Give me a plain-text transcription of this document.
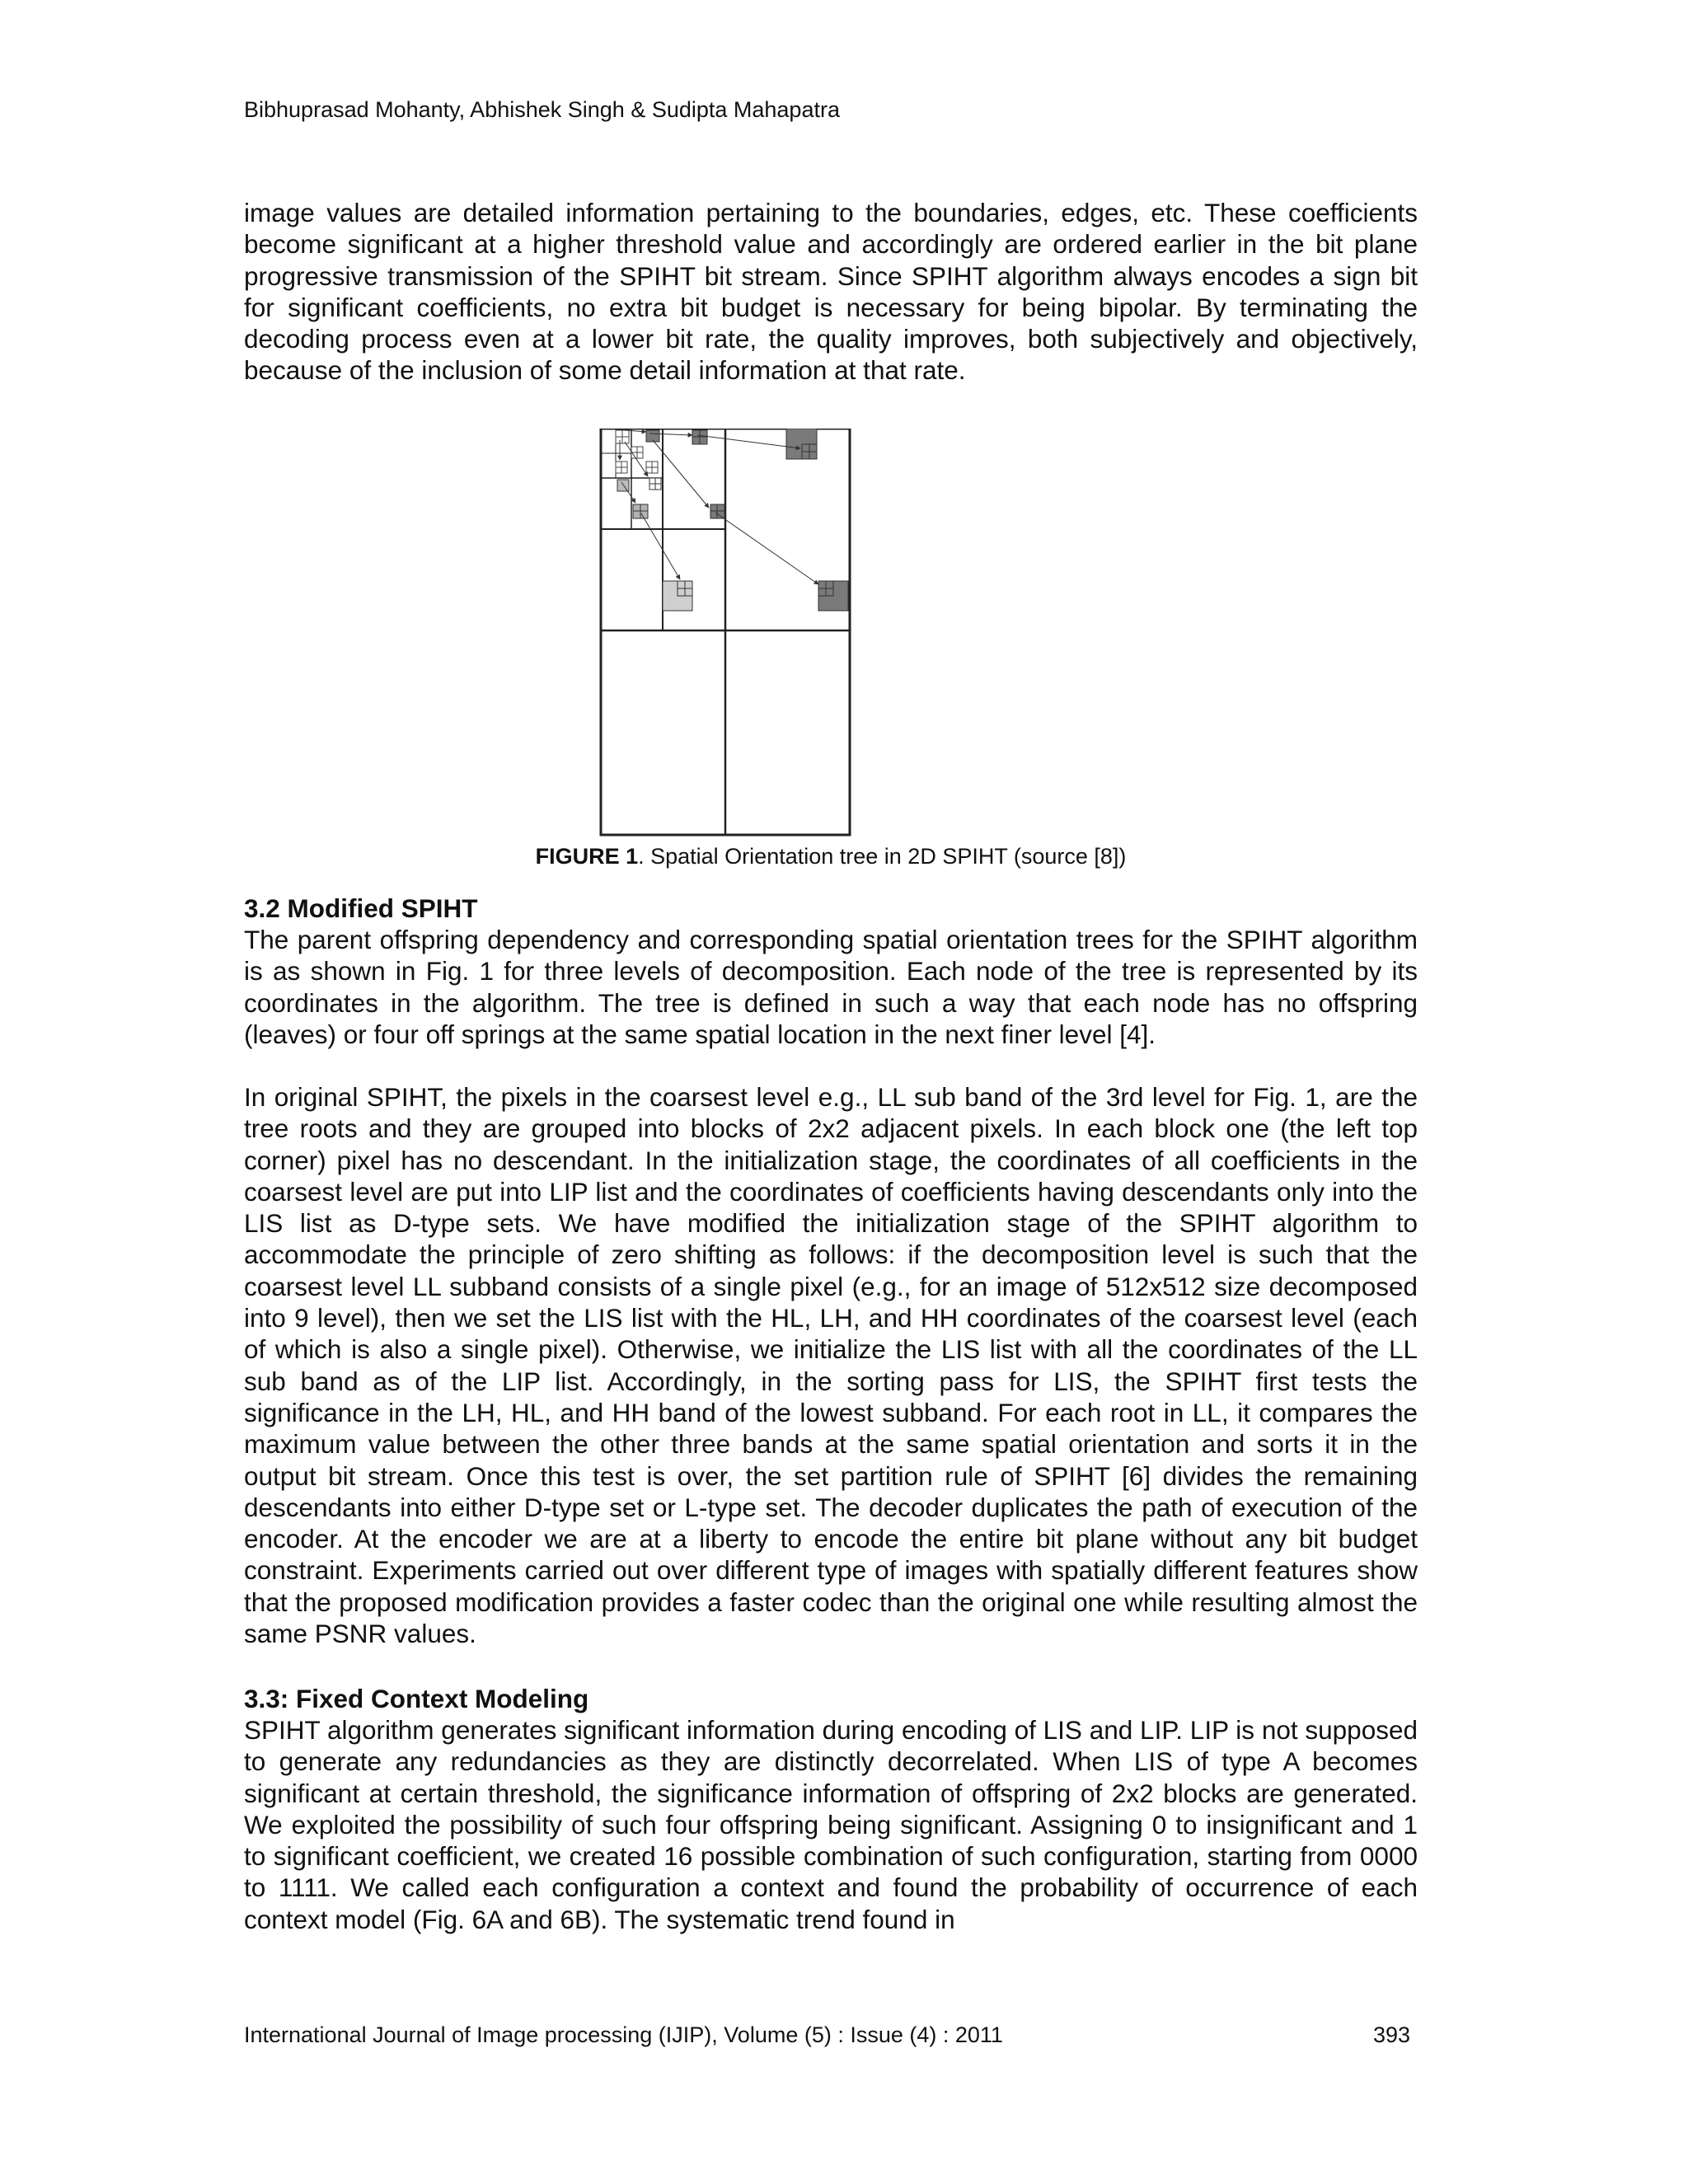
Bibhuprasad Mohanty, Abhishek Singh & Sudipta Mahapatra

image values are detailed information pertaining to the boundaries, edges, etc. These coefficients become significant at a higher threshold value and accordingly are ordered earlier in the bit plane progressive transmission of the SPIHT bit stream. Since SPIHT algorithm always encodes a sign bit for significant coefficients, no extra bit budget is necessary for being bipolar. By terminating the decoding process even at a lower bit rate, the quality improves, both subjectively and objectively, because of the inclusion of some detail information at that rate.

FIGURE 1. Spatial Orientation tree in 2D SPIHT (source [8])
3.2 Modified SPIHT

The parent offspring dependency and corresponding spatial orientation trees for the SPIHT algorithm is as shown in Fig. 1 for three levels of decomposition. Each node of the tree is represented by its coordinates in the algorithm. The tree is defined in such a way that each node has no offspring (leaves) or four off springs at the same spatial location in the next finer level [4].

In original SPIHT, the pixels in the coarsest level e.g., LL sub band of the 3rd level for Fig. 1, are the tree roots and they are grouped into blocks of 2x2 adjacent pixels. In each block one (the left top corner) pixel has no descendant. In the initialization stage, the coordinates of all coefficients in the coarsest level are put into LIP list and the coordinates of coefficients having descendants only into the LIS list as D-type sets. We have modified the initialization stage of the SPIHT algorithm to accommodate the principle of zero shifting as follows: if the decomposition level is such that the coarsest level LL subband consists of a single pixel (e.g., for an image of 512x512 size decomposed into 9 level), then we set the LIS list with the HL, LH, and HH coordinates of the coarsest level (each of which is also a single pixel). Otherwise, we initialize the LIS list with all the coordinates of the LL sub band as of the LIP list. Accordingly, in the sorting pass for LIS, the SPIHT first tests the significance in the LH, HL, and HH band of the lowest subband. For each root in LL, it compares the maximum value between the other three bands at the same spatial orientation and sorts it in the output bit stream. Once this test is over, the set partition rule of SPIHT [6] divides the remaining descendants into either D-type set or L-type set. The decoder duplicates the path of execution of the encoder. At the encoder we are at a liberty to encode the entire bit plane without any bit budget constraint. Experiments carried out over different type of images with spatially different features show that the proposed modification provides a faster codec than the original one while resulting almost the same PSNR values.

3.3: Fixed Context Modeling

SPIHT algorithm generates significant information during encoding of LIS and LIP. LIP is not supposed to generate any redundancies as they are distinctly decorrelated. When LIS of type A becomes significant at certain threshold, the significance information of offspring of 2x2 blocks are generated. We exploited the possibility of such four offspring being significant. Assigning 0 to insignificant and 1 to significant coefficient, we created 16 possible combination of such configuration, starting from 0000 to 1111. We called each configuration a context and found the probability of occurrence of each context model (Fig. 6A and 6B). The systematic trend found in

International Journal of Image processing (IJIP), Volume (5) : Issue (4) : 2011	393
